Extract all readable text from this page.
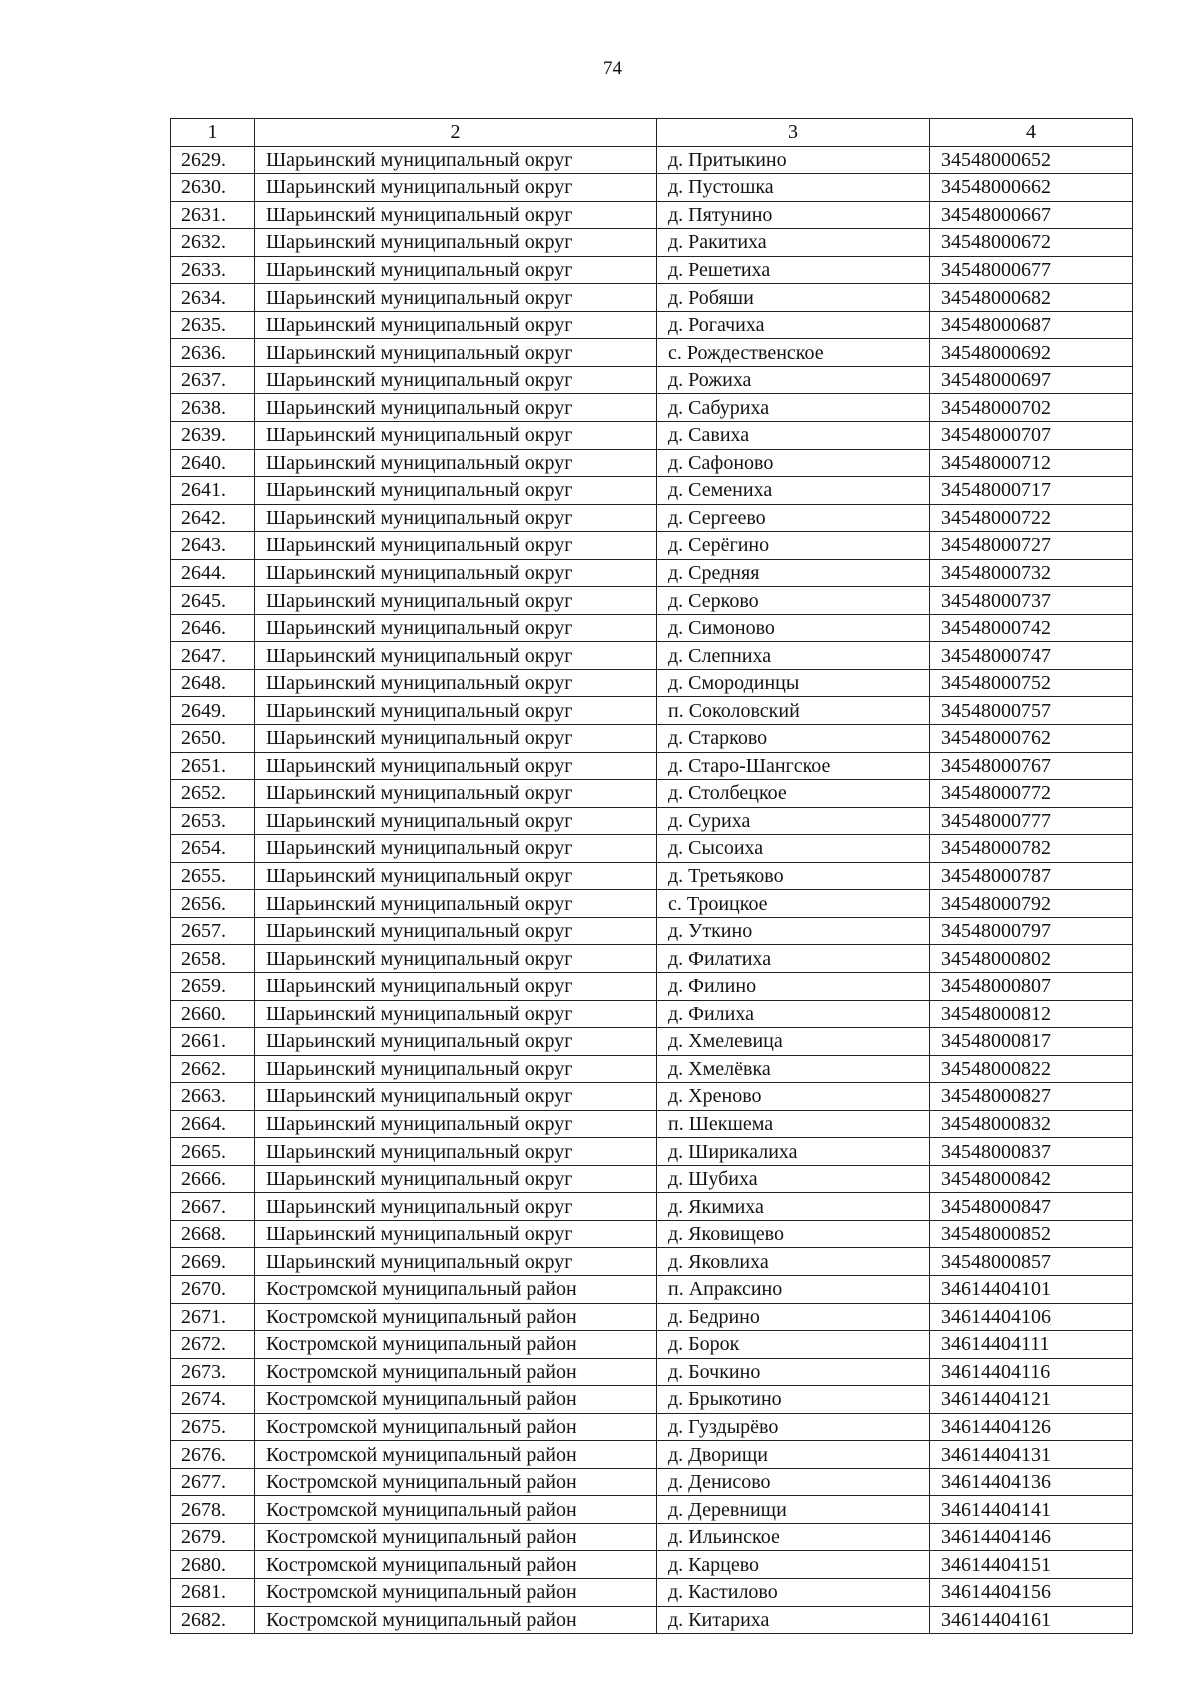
74
1	2	3	4
2629.	Шарьинский муниципальный округ	д. Притыкино	34548000652
2630.	Шарьинский муниципальный округ	д. Пустошка	34548000662
2631.	Шарьинский муниципальный округ	д. Пятунино	34548000667
2632.	Шарьинский муниципальный округ	д. Ракитиха	34548000672
2633.	Шарьинский муниципальный округ	д. Решетиха	34548000677
2634.	Шарьинский муниципальный округ	д. Робяши	34548000682
2635.	Шарьинский муниципальный округ	д. Рогачиха	34548000687
2636.	Шарьинский муниципальный округ	с. Рождественское	34548000692
2637.	Шарьинский муниципальный округ	д. Рожиха	34548000697
2638.	Шарьинский муниципальный округ	д. Сабуриха	34548000702
2639.	Шарьинский муниципальный округ	д. Савиха	34548000707
2640.	Шарьинский муниципальный округ	д. Сафоново	34548000712
2641.	Шарьинский муниципальный округ	д. Семениха	34548000717
2642.	Шарьинский муниципальный округ	д. Сергеево	34548000722
2643.	Шарьинский муниципальный округ	д. Серёгино	34548000727
2644.	Шарьинский муниципальный округ	д. Средняя	34548000732
2645.	Шарьинский муниципальный округ	д. Серково	34548000737
2646.	Шарьинский муниципальный округ	д. Симоново	34548000742
2647.	Шарьинский муниципальный округ	д. Слепниха	34548000747
2648.	Шарьинский муниципальный округ	д. Смородинцы	34548000752
2649.	Шарьинский муниципальный округ	п. Соколовский	34548000757
2650.	Шарьинский муниципальный округ	д. Старково	34548000762
2651.	Шарьинский муниципальный округ	д. Старо-Шангское	34548000767
2652.	Шарьинский муниципальный округ	д. Столбецкое	34548000772
2653.	Шарьинский муниципальный округ	д. Суриха	34548000777
2654.	Шарьинский муниципальный округ	д. Сысоиха	34548000782
2655.	Шарьинский муниципальный округ	д. Третьяково	34548000787
2656.	Шарьинский муниципальный округ	с. Троицкое	34548000792
2657.	Шарьинский муниципальный округ	д. Уткино	34548000797
2658.	Шарьинский муниципальный округ	д. Филатиха	34548000802
2659.	Шарьинский муниципальный округ	д. Филино	34548000807
2660.	Шарьинский муниципальный округ	д. Филиха	34548000812
2661.	Шарьинский муниципальный округ	д. Хмелевица	34548000817
2662.	Шарьинский муниципальный округ	д. Хмелёвка	34548000822
2663.	Шарьинский муниципальный округ	д. Хреново	34548000827
2664.	Шарьинский муниципальный округ	п. Шекшема	34548000832
2665.	Шарьинский муниципальный округ	д. Ширикалиха	34548000837
2666.	Шарьинский муниципальный округ	д. Шубиха	34548000842
2667.	Шарьинский муниципальный округ	д. Якимиха	34548000847
2668.	Шарьинский муниципальный округ	д. Яковищево	34548000852
2669.	Шарьинский муниципальный округ	д. Яковлиха	34548000857
2670.	Костромской муниципальный район	п. Апраксино	34614404101
2671.	Костромской муниципальный район	д. Бедрино	34614404106
2672.	Костромской муниципальный район	д. Борок	34614404111
2673.	Костромской муниципальный район	д. Бочкино	34614404116
2674.	Костромской муниципальный район	д. Брыкотино	34614404121
2675.	Костромской муниципальный район	д. Гуздырёво	34614404126
2676.	Костромской муниципальный район	д. Дворищи	34614404131
2677.	Костромской муниципальный район	д. Денисово	34614404136
2678.	Костромской муниципальный район	д. Деревнищи	34614404141
2679.	Костромской муниципальный район	д. Ильинское	34614404146
2680.	Костромской муниципальный район	д. Карцево	34614404151
2681.	Костромской муниципальный район	д. Кастилово	34614404156
2682.	Костромской муниципальный район	д. Китариха	34614404161
